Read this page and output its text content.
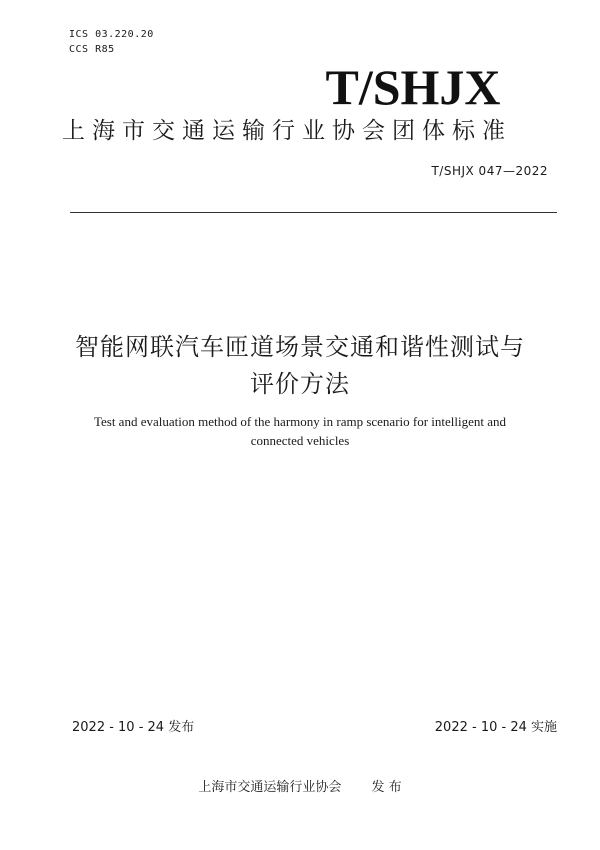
ICS 03.220.20
CCS R85
T/SHJX
上海市交通运输行业协会团体标准
T/SHJX 047—2022
智能网联汽车匝道场景交通和谐性测试与
评价方法
Test and evaluation method of the harmony in ramp scenario for intelligent and
connected vehicles
2022 - 10 - 24 发布	2022 - 10 - 24 实施
上海市交通运输行业协会 发 布
